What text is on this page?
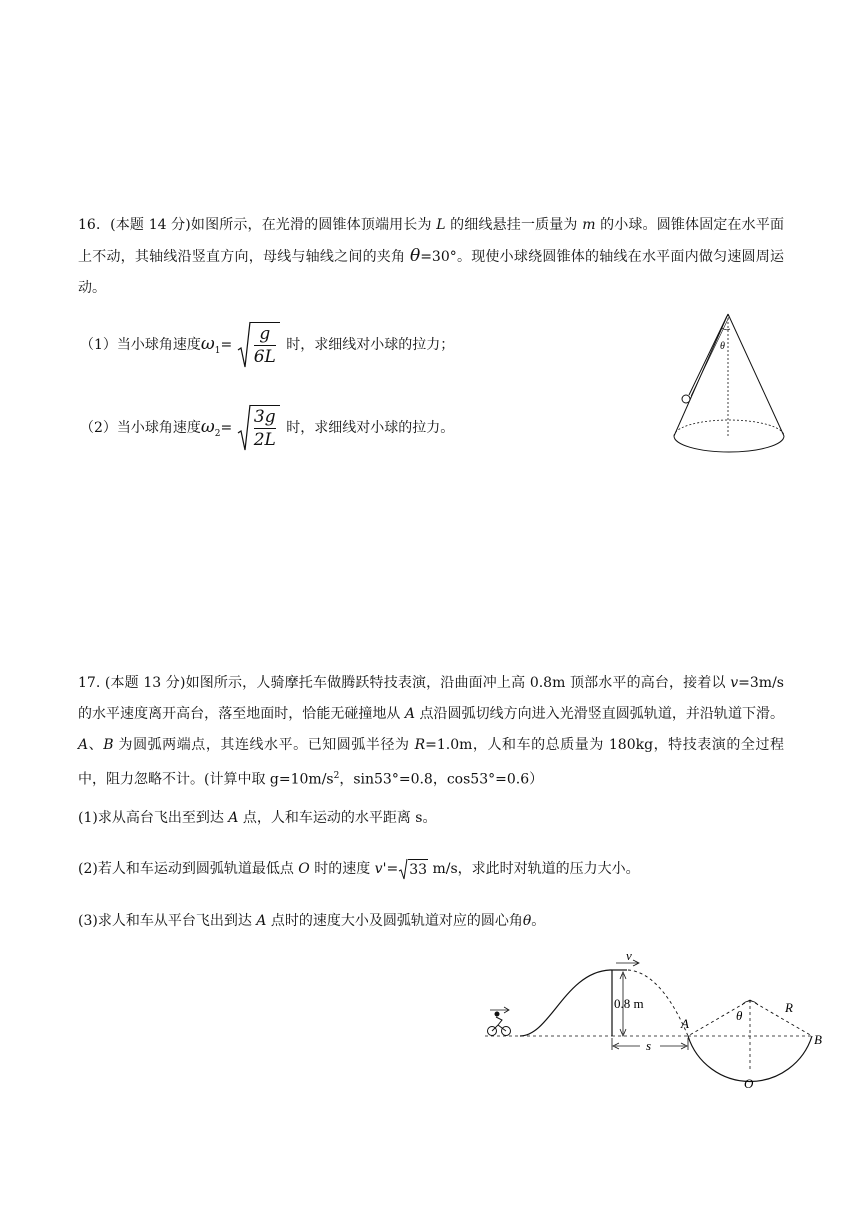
16．(本题 14 分)如图所示，在光滑的圆锥体顶端用长为 L 的细线悬挂一质量为 m 的小球。圆锥体固定在水平面上不动，其轴线沿竖直方向，母线与轴线之间的夹角 θ=30°。现使小球绕圆锥体的轴线在水平面内做匀速圆周运动。
（1）当小球角速度$\omega_1= \frac{g}{6L}$ 时，求细线对小球的拉力；
（2）当小球角速度$\omega_2= \frac{3g}{2L}$ 时，求细线对小球的拉力。
θ
17. (本题 13 分)如图所示，人骑摩托车做腾跃特技表演，沿曲面冲上高 0.8m 顶部水平的高台，接着以 v=3m/s 的水平速度离开高台，落至地面时，恰能无碰撞地从 A 点沿圆弧切线方向进入光滑竖直圆弧轨道，并沿轨道下滑。A、B 为圆弧两端点，其连线水平。已知圆弧半径为 R=1.0m，人和车的总质量为 180kg，特技表演的全过程中，阻力忽略不计。(计算中取 $g=10m/s^2$，sin53°=0.8，cos53°=0.6）
(1)求从高台飞出至到达 A 点，人和车运动的水平距离 s。
(2)若人和车运动到圆弧轨道最低点 O 时的速度 v'= 33 m/s，求此时对轨道的压力大小。
(3)求人和车从平台飞出到达 A 点时的速度大小及圆弧轨道对应的圆心角θ。
0.8 m
v
s
θ
R
A
B
O
